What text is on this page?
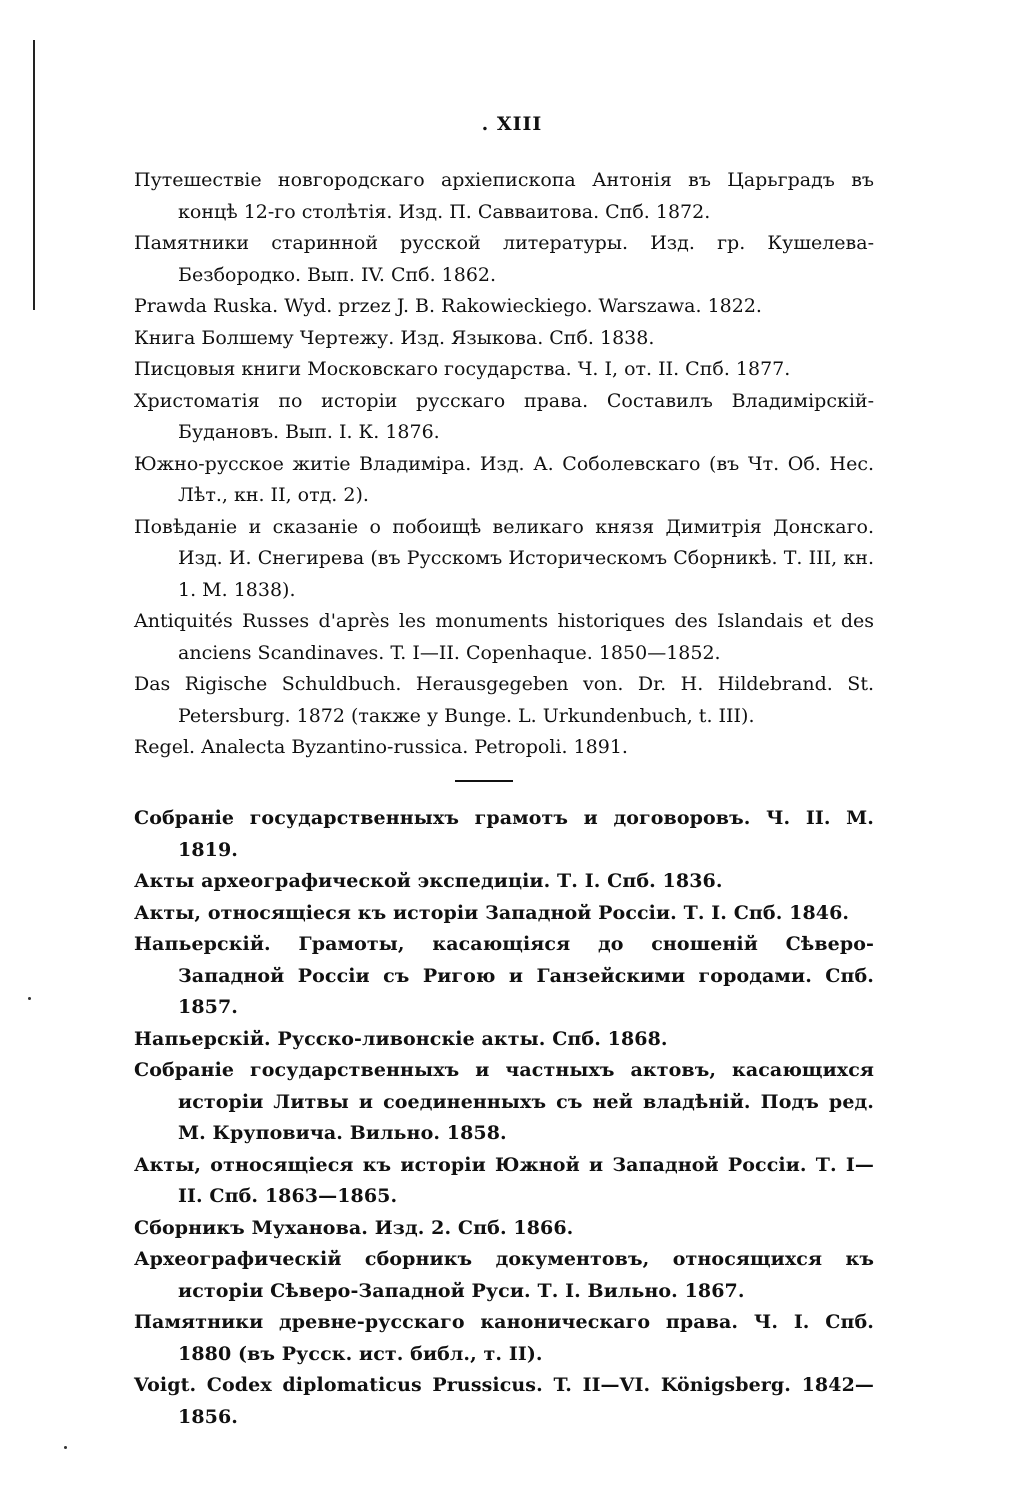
. XIII

Путешествіе новгородскаго архіепископа Антонія въ Царьградъ въ концѣ 12-го столѣтія. Изд. П. Савваитова. Спб. 1872.

Памятники старинной русской литературы. Изд. гр. Кушелева-Безбородко. Вып. IV. Спб. 1862.

Prawda Ruska. Wyd. przez J. B. Rakowieckiego. Warszawa. 1822.

Книга Болшему Чертежу. Изд. Языкова. Спб. 1838.

Писцовыя книги Московскаго государства. Ч. I, от. II. Спб. 1877.

Христоматія по исторіи русскаго права. Составилъ Владимірскій-Будановъ. Вып. I. К. 1876.

Южно-русское житіе Владиміра. Изд. А. Соболевскаго (въ Чт. Об. Нес. Лѣт., кн. II, отд. 2).

Повѣданіе и сказаніе о побоищѣ великаго князя Димитрія Донскаго. Изд. И. Снегирева (въ Русскомъ Историческомъ Сборникѣ. Т. III, кн. 1. М. 1838).

Antiquités Russes d'après les monuments historiques des Islandais et des anciens Scandinaves. T. I—II. Copenhaque. 1850—1852.

Das Rigische Schuldbuch. Herausgegeben von. Dr. H. Hildebrand. St. Petersburg. 1872 (также у Bunge. L. Urkundenbuch, t. III).

Regel. Analecta Byzantino-russica. Petropoli. 1891.

Собраніе государственныхъ грамотъ и договоровъ. Ч. II. М. 1819.

Акты археографической экспедиціи. Т. I. Спб. 1836.

Акты, относящіеся къ исторіи Западной Россіи. Т. I. Спб. 1846.

Напьерскій. Грамоты, касающіяся до сношеній Сѣверо-Западной Россіи съ Ригою и Ганзейскими городами. Спб. 1857.

Напьерскій. Русско-ливонскіе акты. Спб. 1868.

Собраніе государственныхъ и частныхъ актовъ, касающихся исторіи Литвы и соединенныхъ съ ней владѣній. Подъ ред. М. Круповича. Вильно. 1858.

Акты, относящіеся къ исторіи Южной и Западной Россіи. Т. I—II. Спб. 1863—1865.

Сборникъ Муханова. Изд. 2. Спб. 1866.

Археографическій сборникъ документовъ, относящихся къ исторіи Сѣверо-Западной Руси. Т. I. Вильно. 1867.

Памятники древне-русскаго каноническаго права. Ч. I. Спб. 1880 (въ Русск. ист. библ., т. II).

Voigt. Codex diplomaticus Prussicus. T. II—VI. Königsberg. 1842—1856.
